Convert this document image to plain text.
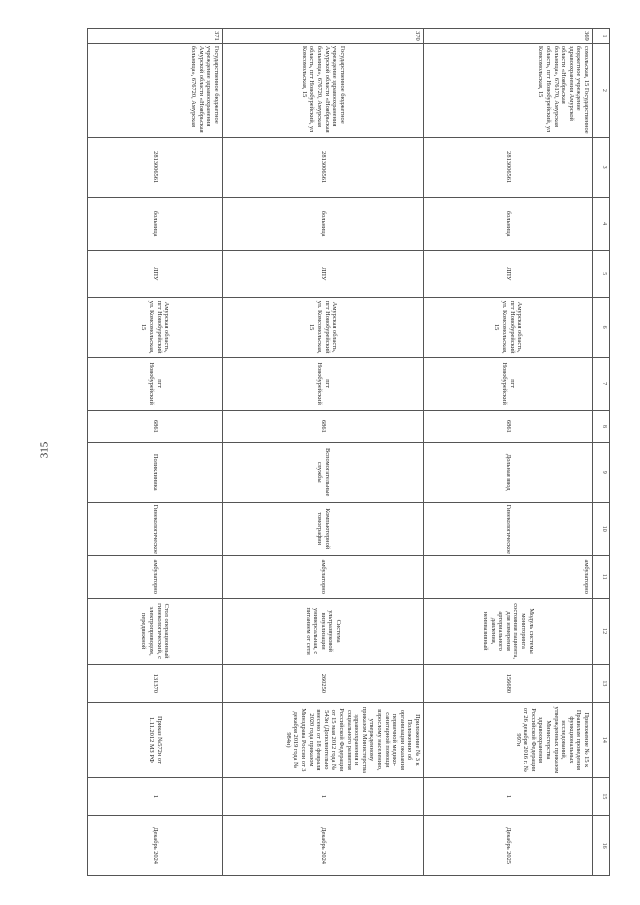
315
1	2	3	4	5	6	7	8	9	10	11	12	13	14	15	16
369	сомольская, 15 Государственное бюджетное учреждение здравоохранения Амурской области «Ноябрьская больница», 676170, Амурская область, пгт Новобурейский, ул Комсомольская, 15	2813006561	больница	ЛПУ	Амурская область, пгт Новобурейский ул. Комсомольская, 15	пгт Новобурейский	6861	Дольная ввод	Гинекологическое	амбулаторно	Модуль системы мониторинга состояния пациента, для измерения артериального давления, неинвазивный	156680	Приложение № 15 к Правилам проведения функциональных исследований, утвержденных приказом Министерства здравоохранения Российской Федерации от 26 декабря 2016 г. № 997н	1	Декабрь 2025
370	Государственное бюджетное учреждение здравоохранения Амурской области «Ноябрьская больница», 676720, Амурская область, пгт Новобурейский, ул Комсомольская, 15	2813006561	больница	ЛПУ	Амурская область, пгт Новобурейский ул. Комсомольская, 15	пгт Новобурейский	6861	Вспомогательные службы	Компьютерной томографии	амбулаторно	Система ультразвуковой визуализации универсальная, с питанием от сети	260250	Приложение № 3 к Положению об организации оказания первичной медико-санитарной помощи взрослому населению, утвержденному приказом Министерства здравоохранения и социального развития Российской Федерации от 15 мая 2012 года № 543н (Дополнительно внесено от 18 февраля 2020 года приказом Минздрава России от 3 декабря 2019 года № 984н)	1	Декабрь 2024
371	Государственное бюджетное учреждение здравоохранения Амурской области «Ноябрьская больница», 676720, Амурская	2813006561	больница	ЛПУ	Амурская область, пгт Новобурейский ул. Комсомольская, 15	пгт Новобурейский	6861	Поликлиника	Гинекологическое	амбулаторно	Стол операционный гинекологический, с электроприводом, передвижной	131370	Приказ №572н от 1.11.2012 МЗ РФ	1	Декабрь 2024
